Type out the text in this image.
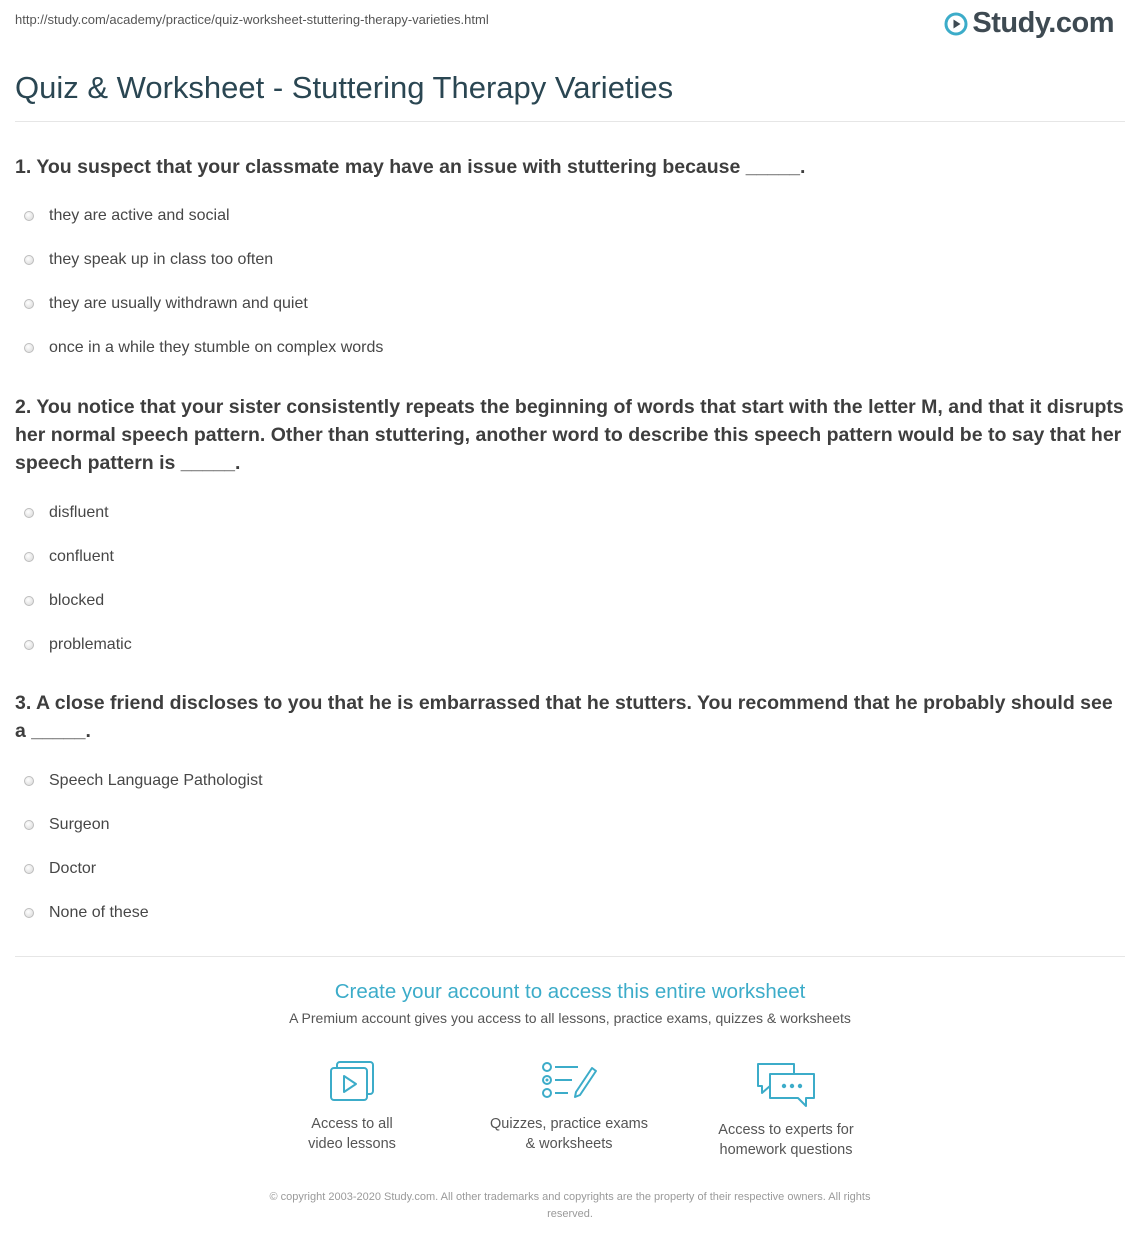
http://study.com/academy/practice/quiz-worksheet-stuttering-therapy-varieties.html	Study.com
Quiz & Worksheet - Stuttering Therapy Varieties

1. You suspect that your classmate may have an issue with stuttering because _____.

they are active and social
they speak up in class too often
they are usually withdrawn and quiet
once in a while they stumble on complex words

2. You notice that your sister consistently repeats the beginning of words that start with the letter M, and that it disrupts her normal speech pattern. Other than stuttering, another word to describe this speech pattern would be to say that her speech pattern is _____.

disfluent
confluent
blocked
problematic

3. A close friend discloses to you that he is embarrassed that he stutters. You recommend that he probably should see a _____.

Speech Language Pathologist
Surgeon
Doctor
None of these

Create your account to access this entire worksheet

A Premium account gives you access to all lessons, practice exams, quizzes & worksheets

Access to all
video lessons
Quizzes, practice exams
& worksheets
Access to experts for
homework questions
© copyright 2003-2020 Study.com. All other trademarks and copyrights are the property of their respective owners. All rights
reserved.
